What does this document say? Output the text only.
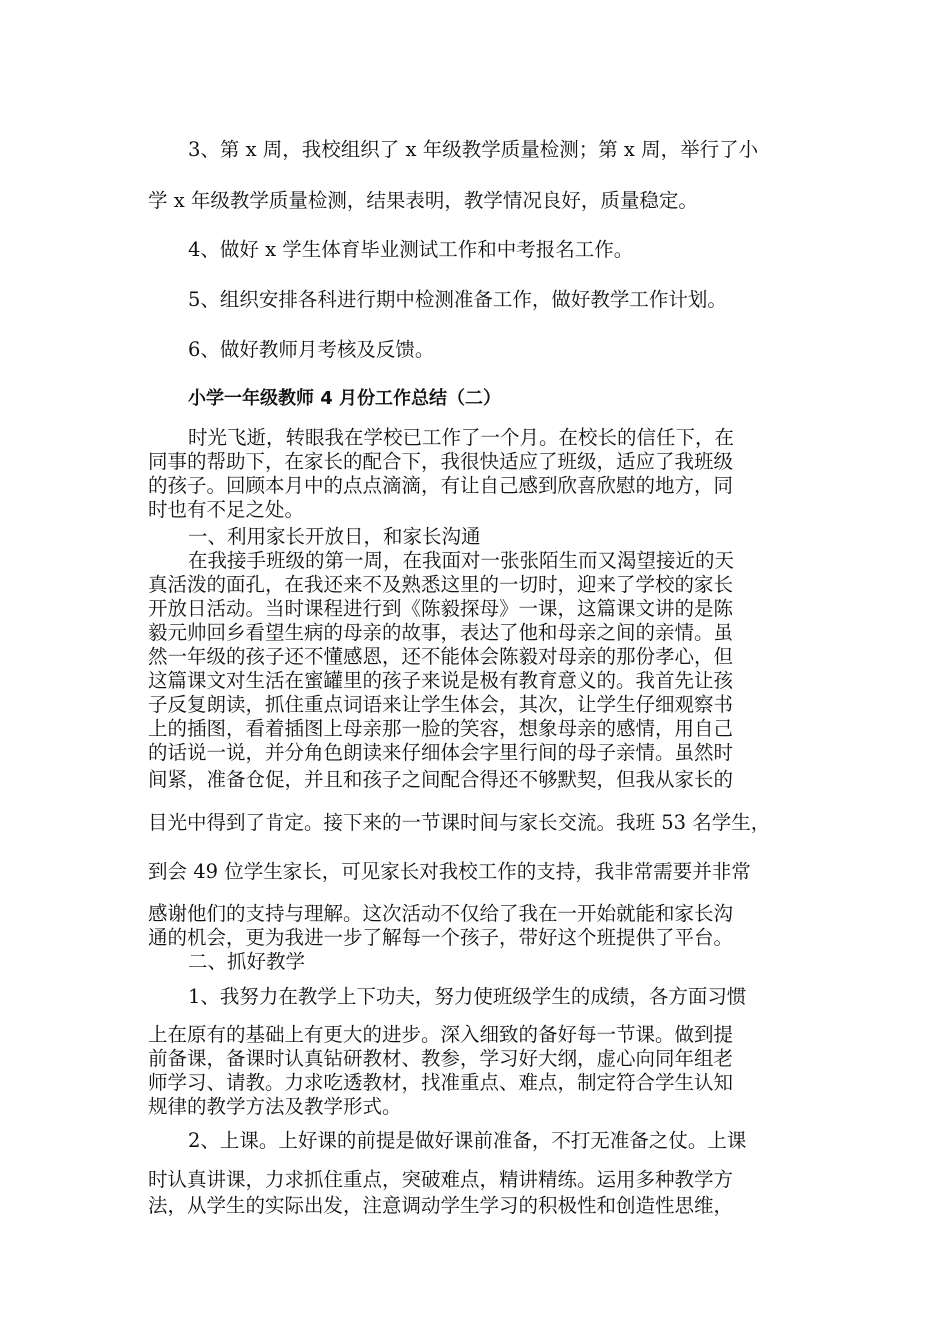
3、第 x 周，我校组织了 x 年级教学质量检测；第 x 周，举行了小

学 x 年级教学质量检测，结果表明，教学情况良好，质量稳定。

4、做好 x 学生体育毕业测试工作和中考报名工作。

5、组织安排各科进行期中检测准备工作，做好教学工作计划。

6、做好教师月考核及反馈。

小学一年级教师 4 月份工作总结（二）

时光飞逝，转眼我在学校已工作了一个月。在校长的信任下，在

同事的帮助下，在家长的配合下，我很快适应了班级，适应了我班级

的孩子。回顾本月中的点点滴滴，有让自己感到欣喜欣慰的地方，同

时也有不足之处。

一、利用家长开放日，和家长沟通

在我接手班级的第一周，在我面对一张张陌生而又渴望接近的天

真活泼的面孔，在我还来不及熟悉这里的一切时，迎来了学校的家长

开放日活动。当时课程进行到《陈毅探母》一课，这篇课文讲的是陈

毅元帅回乡看望生病的母亲的故事，表达了他和母亲之间的亲情。虽

然一年级的孩子还不懂感恩，还不能体会陈毅对母亲的那份孝心，但

这篇课文对生活在蜜罐里的孩子来说是极有教育意义的。我首先让孩

子反复朗读，抓住重点词语来让学生体会，其次，让学生仔细观察书

上的插图，看着插图上母亲那一脸的笑容，想象母亲的感情，用自己

的话说一说，并分角色朗读来仔细体会字里行间的母子亲情。虽然时

间紧，准备仓促，并且和孩子之间配合得还不够默契，但我从家长的

目光中得到了肯定。接下来的一节课时间与家长交流。我班 53 名学生，

到会 49 位学生家长，可见家长对我校工作的支持，我非常需要并非常

感谢他们的支持与理解。这次活动不仅给了我在一开始就能和家长沟

通的机会，更为我进一步了解每一个孩子，带好这个班提供了平台。

二、抓好教学

1、我努力在教学上下功夫，努力使班级学生的成绩，各方面习惯

上在原有的基础上有更大的进步。深入细致的备好每一节课。做到提

前备课，备课时认真钻研教材、教参，学习好大纲，虚心向同年组老

师学习、请教。力求吃透教材，找准重点、难点，制定符合学生认知

规律的教学方法及教学形式。

2、上课。上好课的前提是做好课前准备，不打无准备之仗。上课

时认真讲课，力求抓住重点，突破难点，精讲精练。运用多种教学方

法，从学生的实际出发，注意调动学生学习的积极性和创造性思维，
